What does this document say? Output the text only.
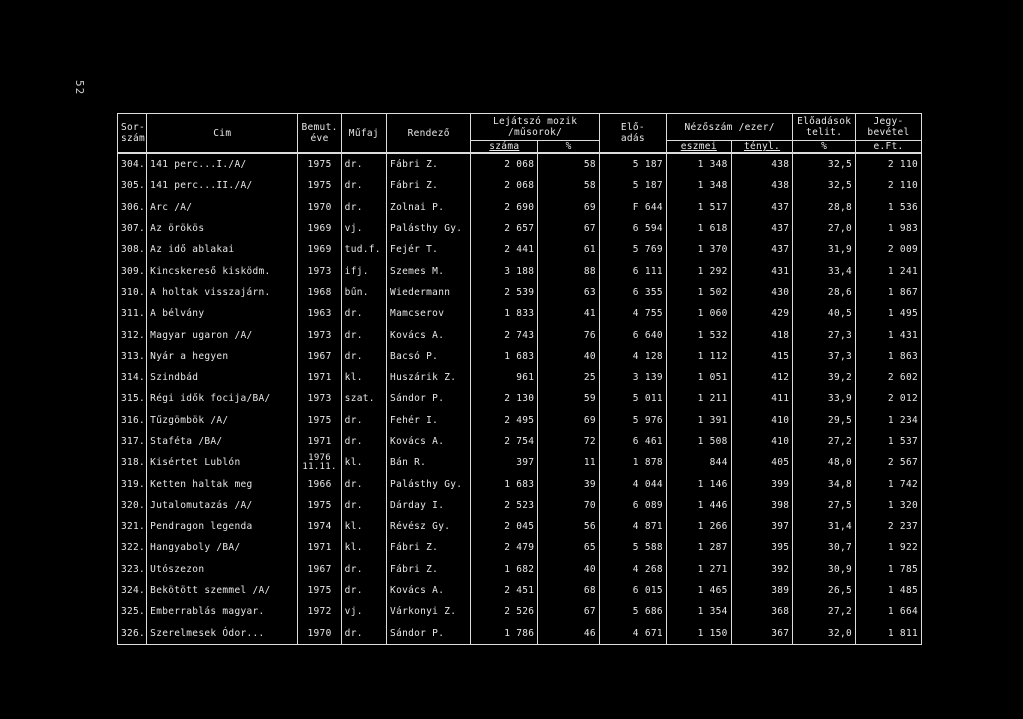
52
Sor-
szám	Cim	Bemut.
éve	Műfaj	Rendező	Lejátszó mozik
/műsorok/		Elő-
adás	Nézőszám /ezer/		Előadások
telit.	Jegy-
bevétel
					száma	%		eszmei	tényl.	%	e.Ft.
304.	141 perc...I./A/	1975	dr.	Fábri Z.	2 068	58	5 187	1 348	438	32,5	2 110
305.	141 perc...II./A/	1975	dr.	Fábri Z.	2 068	58	5 187	1 348	438	32,5	2 110
306.	Arc /A/	1970	dr.	Zolnai P.	2 690	69	F 644	1 517	437	28,8	1 536
307.	Az örökös	1969	vj.	Palásthy Gy.	2 657	67	6 594	1 618	437	27,0	1 983
308.	Az idő ablakai	1969	tud.f.	Fejér T.	2 441	61	5 769	1 370	437	31,9	2 009
309.	Kincskereső kisködm.	1973	ifj.	Szemes M.	3 188	88	6 111	1 292	431	33,4	1 241
310.	A holtak visszajárn.	1968	bűn.	Wiedermann	2 539	63	6 355	1 502	430	28,6	1 867
311.	A bélvány	1963	dr.	Mamcserov	1 833	41	4 755	1 060	429	40,5	1 495
312.	Magyar ugaron /A/	1973	dr.	Kovács A.	2 743	76	6 640	1 532	418	27,3	1 431
313.	Nyár a hegyen	1967	dr.	Bacsó P.	1 683	40	4 128	1 112	415	37,3	1 863
314.	Szindbád	1971	kl.	Huszárik Z.	961	25	3 139	1 051	412	39,2	2 602
315.	Régi idők focija/BA/	1973	szat.	Sándor P.	2 130	59	5 011	1 211	411	33,9	2 012
316.	Tűzgömbök /A/	1975	dr.	Fehér I.	2 495	69	5 976	1 391	410	29,5	1 234
317.	Staféta /BA/	1971	dr.	Kovács A.	2 754	72	6 461	1 508	410	27,2	1 537
318.	Kisértet Lublón	1976
11.11.	kl.	Bán R.	397	11	1 878	844	405	48,0	2 567
319.	Ketten haltak meg	1966	dr.	Palásthy Gy.	1 683	39	4 044	1 146	399	34,8	1 742
320.	Jutalomutazás /A/	1975	dr.	Dárday I.	2 523	70	6 089	1 446	398	27,5	1 320
321.	Pendragon legenda	1974	kl.	Révész Gy.	2 045	56	4 871	1 266	397	31,4	2 237
322.	Hangyaboly /BA/	1971	kl.	Fábri Z.	2 479	65	5 588	1 287	395	30,7	1 922
323.	Utószezon	1967	dr.	Fábri Z.	1 682	40	4 268	1 271	392	30,9	1 785
324.	Bekötött szemmel /A/	1975	dr.	Kovács A.	2 451	68	6 015	1 465	389	26,5	1 485
325.	Emberrablás magyar.	1972	vj.	Várkonyi Z.	2 526	67	5 686	1 354	368	27,2	1 664
326.	Szerelmesek Ódor...	1970	dr.	Sándor P.	1 786	46	4 671	1 150	367	32,0	1 811
